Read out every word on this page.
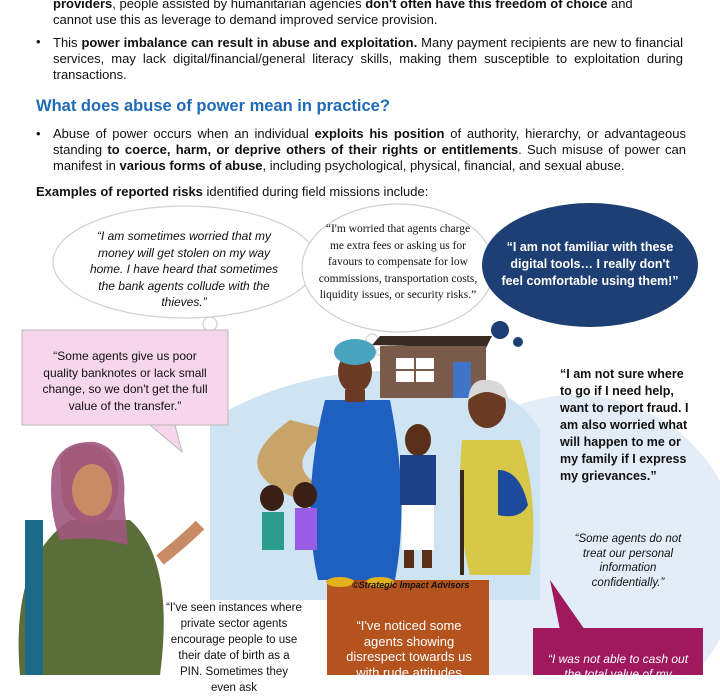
providers, people assisted by humanitarian agencies don't often have this freedom of choice and
cannot use this as leverage to demand improved service provision.
• This power imbalance can result in abuse and exploitation. Many payment recipients are new to financial services, may lack digital/financial/general literacy skills, making them susceptible to exploitation during transactions.
What does abuse of power mean in practice?
• Abuse of power occurs when an individual exploits his position of authority, hierarchy, or advantageous standing to coerce, harm, or deprive others of their rights or entitlements. Such misuse of power can manifest in various forms of abuse, including psychological, physical, financial, and sexual abuse.
Examples of reported risks identified during field missions include:
“I am sometimes worried that my money will get stolen on my way home. I have heard that sometimes the bank agents collude with the thieves.”
“I'm worried that agents charge me extra fees or asking us for favours to compensate for low commissions, transportation costs, liquidity issues, or security risks.”
“I am not familiar with these digital tools… I really don't feel comfortable using them!”
“Some agents give us poor quality banknotes or lack small change, so we don't get the full value of the transfer.”
“I am not sure where to go if I need help, want to report fraud. I am also worried what will happen to me or my family if I express my grievances.”
“Some agents do not treat our personal information confidentially.”
©Strategic Impact Advisors
“I've seen instances where private sector agents encourage people to use their date of birth as a PIN. Sometimes they even ask
“I've noticed some agents showing disrespect towards us with rude attitudes
“I was not able to cash out the total value of my
